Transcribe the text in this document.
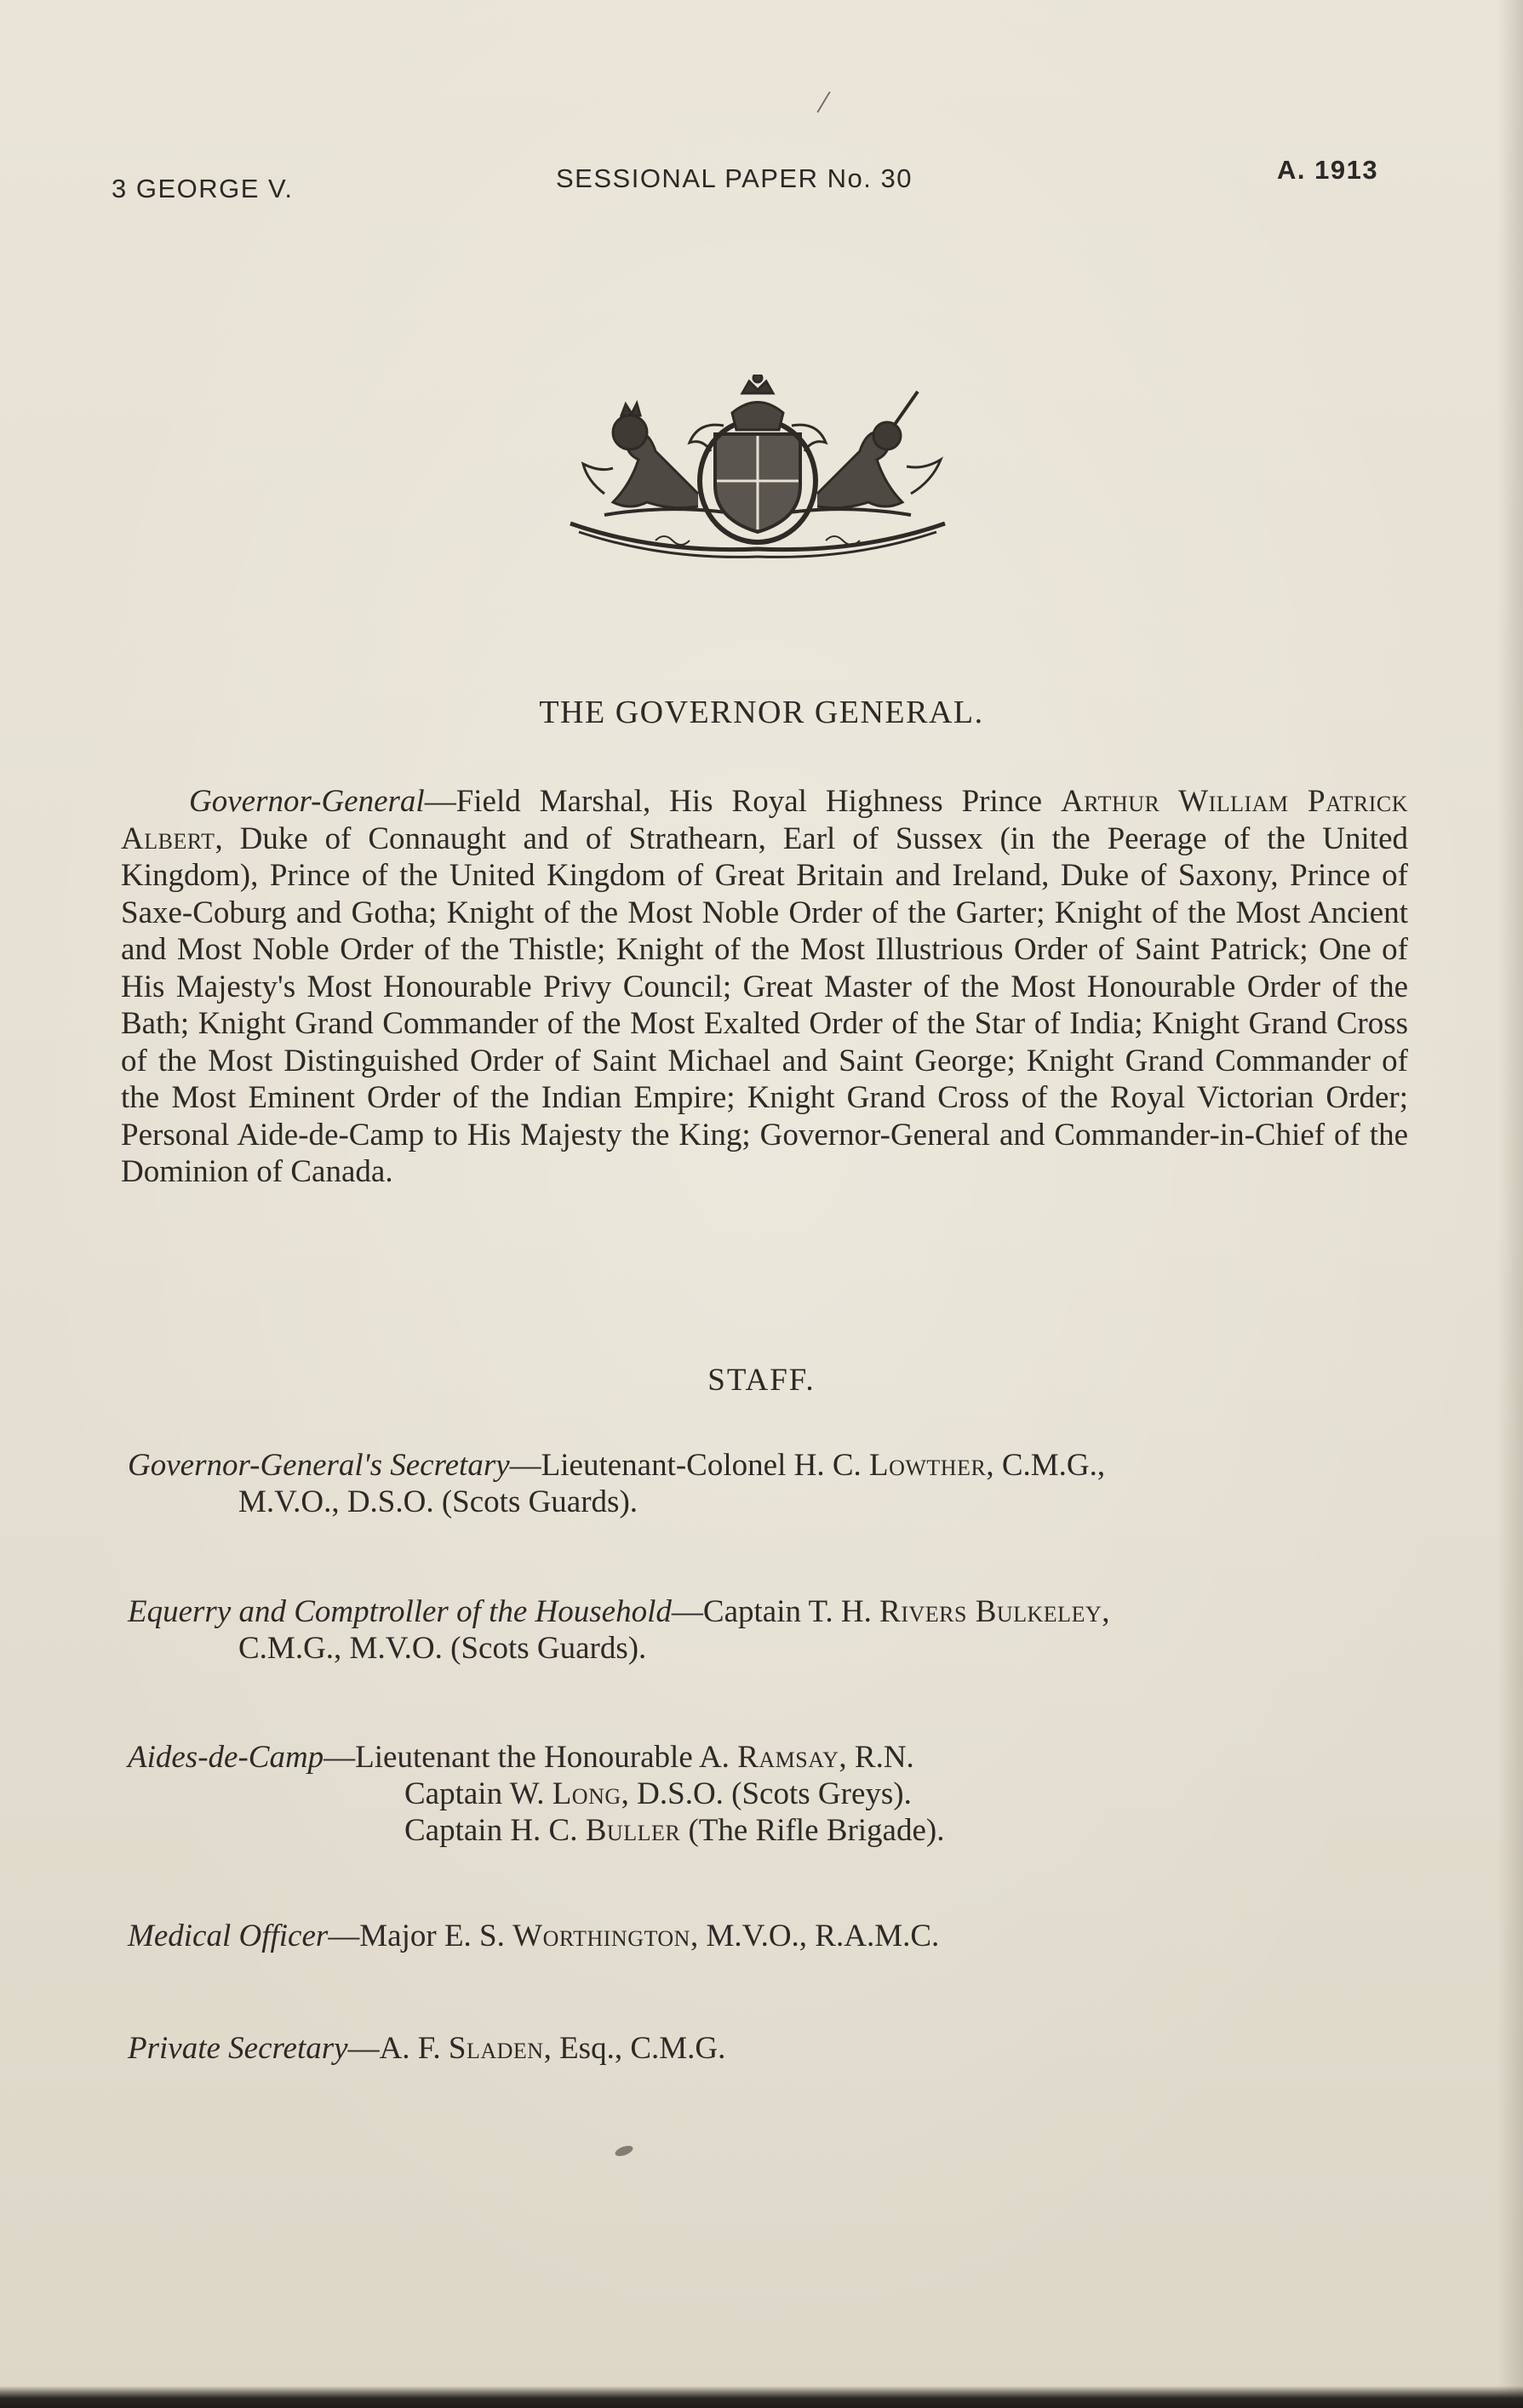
/
3 GEORGE V.	SESSIONAL PAPER No. 30	A. 1913
THE GOVERNOR GENERAL.

Governor-General—Field Marshal, His Royal Highness Prince Arthur William Patrick Albert, Duke of Connaught and of Strathearn, Earl of Sussex (in the Peerage of the United Kingdom), Prince of the United Kingdom of Great Britain and Ireland, Duke of Saxony, Prince of Saxe-Coburg and Gotha; Knight of the Most Noble Order of the Garter; Knight of the Most Ancient and Most Noble Order of the Thistle; Knight of the Most Illustrious Order of Saint Patrick; One of His Majesty's Most Honourable Privy Council; Great Master of the Most Honourable Order of the Bath; Knight Grand Commander of the Most Exalted Order of the Star of India; Knight Grand Cross of the Most Distinguished Order of Saint Michael and Saint George; Knight Grand Commander of the Most Eminent Order of the Indian Empire; Knight Grand Cross of the Royal Victorian Order; Personal Aide-de-Camp to His Majesty the King; Governor-General and Commander-in-Chief of the Dominion of Canada.

STAFF.

Governor-General's Secretary—Lieutenant-Colonel H. C. Lowther, C.M.G.,
M.V.O., D.S.O. (Scots Guards).

Equerry and Comptroller of the Household—Captain T. H. Rivers Bulkeley,
C.M.G., M.V.O. (Scots Guards).

Aides-de-Camp—Lieutenant the Honourable A. Ramsay, R.N.
Captain W. Long, D.S.O. (Scots Greys).
Captain H. C. Buller (The Rifle Brigade).

Medical Officer—Major E. S. Worthington, M.V.O., R.A.M.C.

Private Secretary—A. F. Sladen, Esq., C.M.G.
